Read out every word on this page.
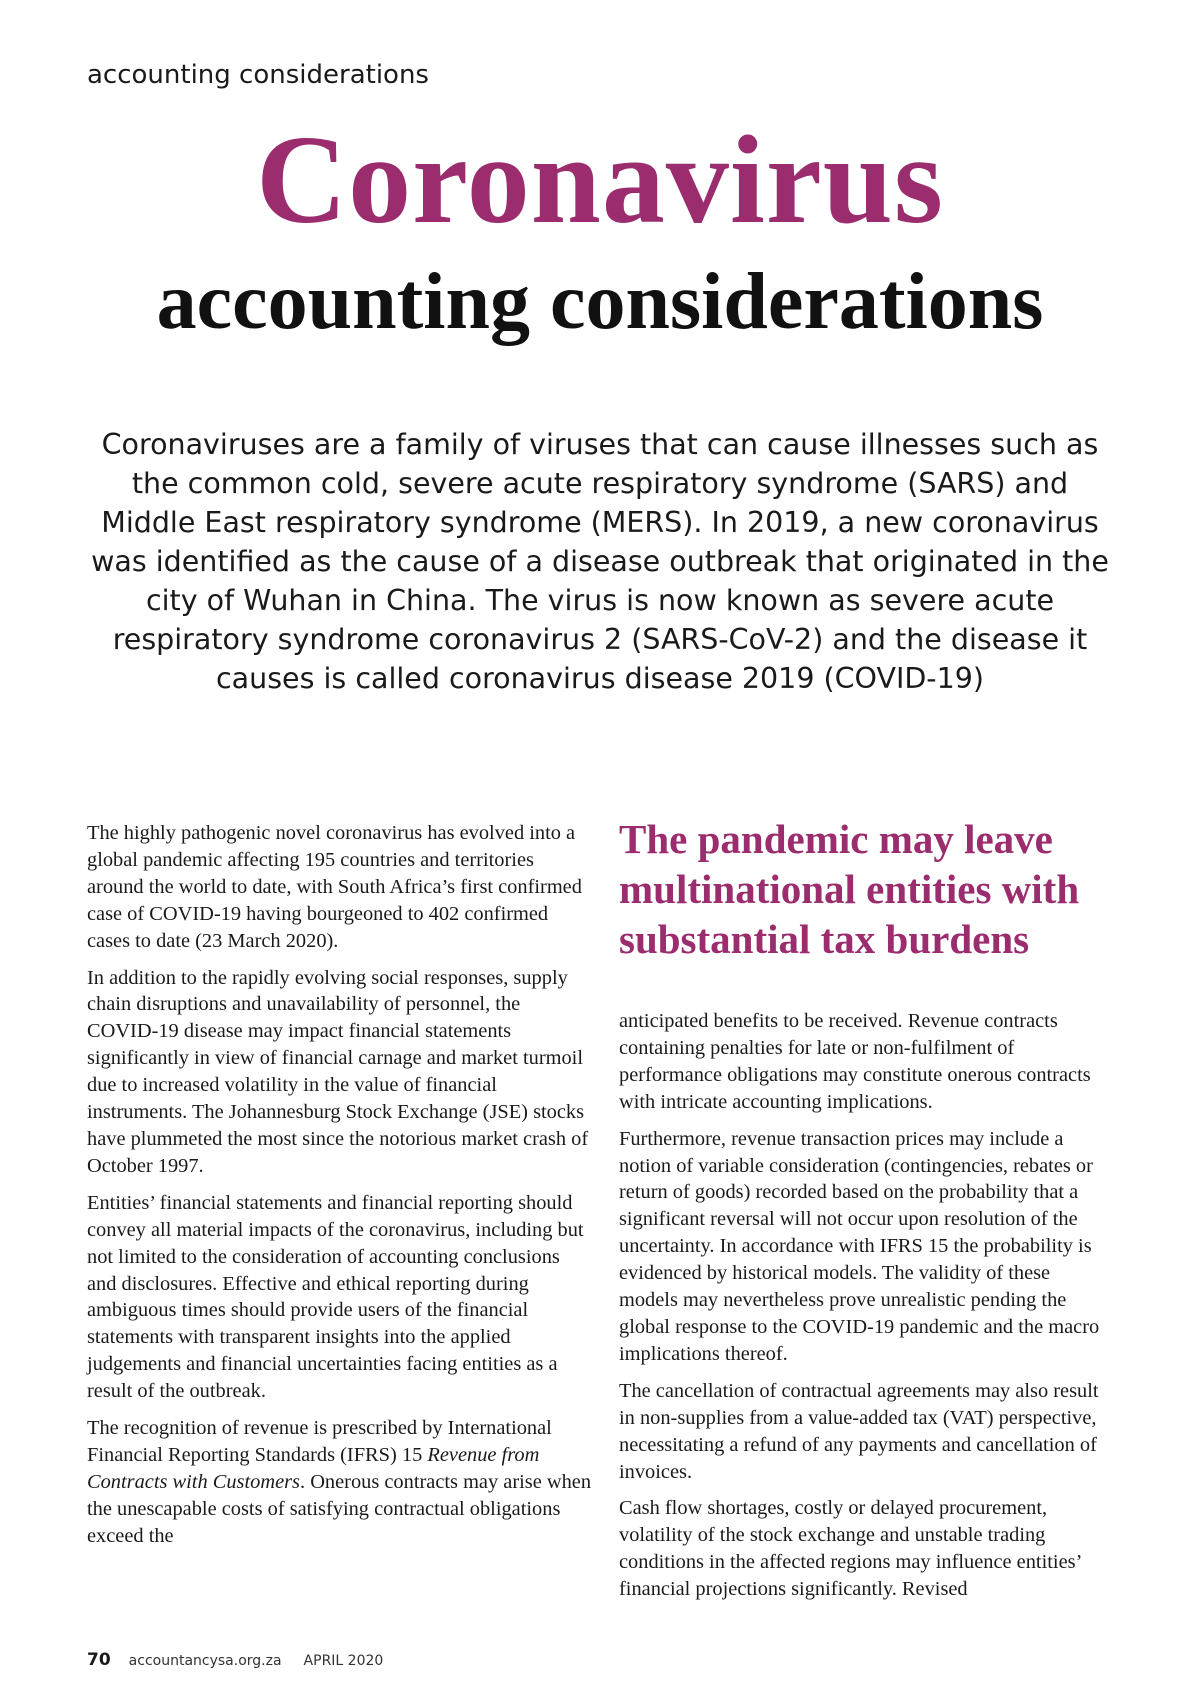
accounting considerations
Coronavirus
accounting considerations

Coronaviruses are a family of viruses that can cause illnesses such as the common cold, severe acute respiratory syndrome (SARS) and Middle East respiratory syndrome (MERS). In 2019, a new coronavirus was identified as the cause of a disease outbreak that originated in the city of Wuhan in China. The virus is now known as severe acute respiratory syndrome coronavirus 2 (SARS-CoV-2) and the disease it causes is called coronavirus disease 2019 (COVID-19)

The highly pathogenic novel coronavirus has evolved into a global pandemic affecting 195 countries and territories around the world to date, with South Africa’s first confirmed case of COVID-19 having bourgeoned to 402 confirmed cases to date (23 March 2020).

In addition to the rapidly evolving social responses, supply chain disruptions and unavailability of personnel, the COVID-19 disease may impact financial statements significantly in view of financial carnage and market turmoil due to increased volatility in the value of financial instruments. The Johannesburg Stock Exchange (JSE) stocks have plummeted the most since the notorious market crash of October 1997.

Entities’ financial statements and financial reporting should convey all material impacts of the coronavirus, including but not limited to the consideration of accounting conclusions and disclosures. Effective and ethical reporting during ambiguous times should provide users of the financial statements with transparent insights into the applied judgements and financial uncertainties facing entities as a result of the outbreak.

The recognition of revenue is prescribed by International Financial Reporting Standards (IFRS) 15 Revenue from Contracts with Customers. Onerous contracts may arise when the unescapable costs of satisfying contractual obligations exceed the

The pandemic may leave multinational entities with substantial tax burdens

anticipated benefits to be received. Revenue contracts containing penalties for late or non-fulfilment of performance obligations may constitute onerous contracts with intricate accounting implications.

Furthermore, revenue transaction prices may include a notion of variable consideration (contingencies, rebates or return of goods) recorded based on the probability that a significant reversal will not occur upon resolution of the uncertainty. In accordance with IFRS 15 the probability is evidenced by historical models. The validity of these models may nevertheless prove unrealistic pending the global response to the COVID-19 pandemic and the macro implications thereof.

The cancellation of contractual agreements may also result in non-supplies from a value-added tax (VAT) perspective, necessitating a refund of any payments and cancellation of invoices.

Cash flow shortages, costly or delayed procurement, volatility of the stock exchange and unstable trading conditions in the affected regions may influence entities’ financial projections significantly. Revised

70 accountancysa.org.za APRIL 2020
